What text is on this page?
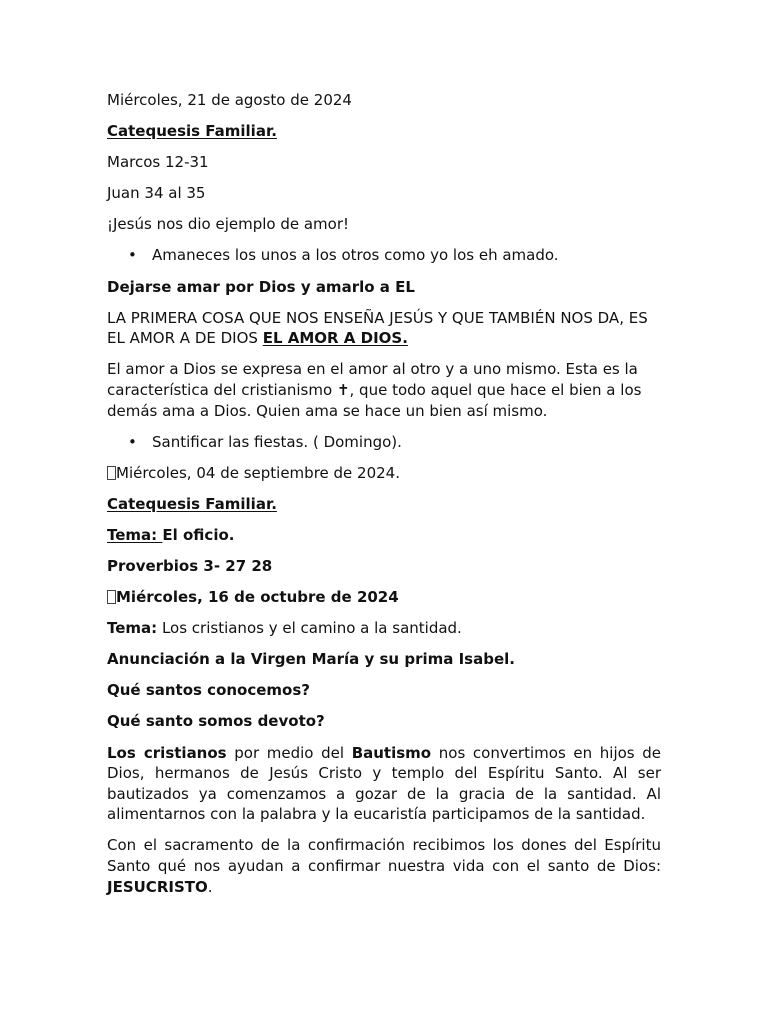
Miércoles, 21 de agosto de 2024

Catequesis Familiar.

Marcos 12-31

Juan 34 al 35

¡Jesús nos dio ejemplo de amor!

• Amaneces los unos a los otros como yo los eh amado.

Dejarse amar por Dios y amarlo a EL

LA PRIMERA COSA QUE NOS ENSEÑA JESÚS Y QUE TAMBIÉN NOS DA, ES EL AMOR A DE DIOS EL AMOR A DIOS.

El amor a Dios se expresa en el amor al otro y a uno mismo. Esta es la característica del cristianismo ✝, que todo aquel que hace el bien a los demás ama a Dios. Quien ama se hace un bien así mismo.

• Santificar las fiestas. ( Domingo).

Miércoles, 04 de septiembre de 2024.

Catequesis Familiar.

Tema: El oficio.

Proverbios 3- 27 28

Miércoles, 16 de octubre de 2024

Tema: Los cristianos y el camino a la santidad.

Anunciación a la Virgen María y su prima Isabel.

Qué santos conocemos?

Qué santo somos devoto?

Los cristianos por medio del Bautismo nos convertimos en hijos de Dios, hermanos de Jesús Cristo y templo del Espíritu Santo. Al ser bautizados ya comenzamos a gozar de la gracia de la santidad. Al alimentarnos con la palabra y la eucaristía participamos de la santidad.

Con el sacramento de la confirmación recibimos los dones del Espíritu Santo qué nos ayudan a confirmar nuestra vida con el santo de Dios: JESUCRISTO.
